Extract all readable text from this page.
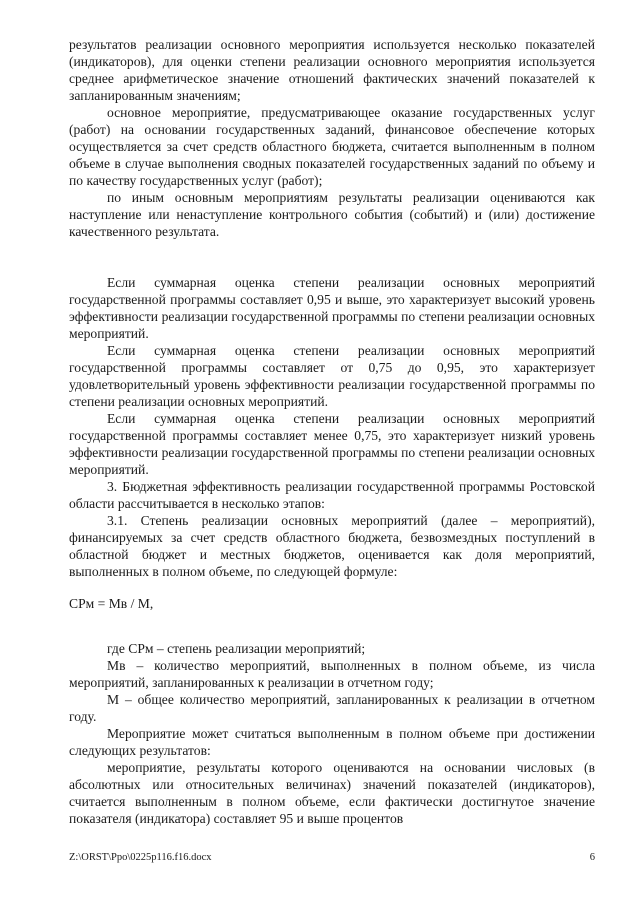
результатов реализации основного мероприятия используется несколько показателей (индикаторов), для оценки степени реализации основного мероприятия используется среднее арифметическое значение отношений фактических значений показателей к запланированным значениям;

основное мероприятие, предусматривающее оказание государственных услуг (работ) на основании государственных заданий, финансовое обеспечение которых осуществляется за счет средств областного бюджета, считается выполненным в полном объеме в случае выполнения сводных показателей государственных заданий по объему и по качеству государственных услуг (работ);

по иным основным мероприятиям результаты реализации оцениваются как наступление или ненаступление контрольного события (событий) и (или) достижение качественного результата.

Если суммарная оценка степени реализации основных мероприятий государственной программы составляет 0,95 и выше, это характеризует высокий уровень эффективности реализации государственной программы по степени реализации основных мероприятий.

Если суммарная оценка степени реализации основных мероприятий государственной программы составляет от 0,75 до 0,95, это характеризует удовлетворительный уровень эффективности реализации государственной программы по степени реализации основных мероприятий.

Если суммарная оценка степени реализации основных мероприятий государственной программы составляет менее 0,75, это характеризует низкий уровень эффективности реализации государственной программы по степени реализации основных мероприятий.

3. Бюджетная эффективность реализации государственной программы Ростовской области рассчитывается в несколько этапов:

3.1. Степень реализации основных мероприятий (далее – мероприятий), финансируемых за счет средств областного бюджета, безвозмездных поступлений в областной бюджет и местных бюджетов, оценивается как доля мероприятий, выполненных в полном объеме, по следующей формуле:

СРм = Мв / М,

где СРм – степень реализации мероприятий;

Мв – количество мероприятий, выполненных в полном объеме, из числа мероприятий, запланированных к реализации в отчетном году;

М – общее количество мероприятий, запланированных к реализации в отчетном году.

Мероприятие может считаться выполненным в полном объеме при достижении следующих результатов:

мероприятие, результаты которого оцениваются на основании числовых (в абсолютных или относительных величинах) значений показателей (индикаторов), считается выполненным в полном объеме, если фактически достигнутое значение показателя (индикатора) составляет 95 и выше процентов

Z:\ORST\Ppo\0225p116.f16.docx	6
